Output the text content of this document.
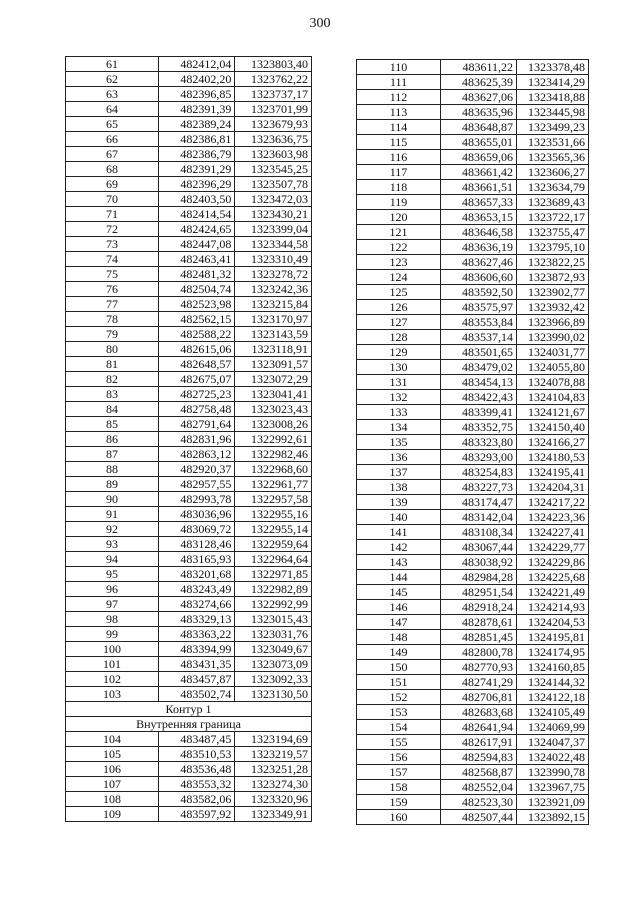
300
61	482412,04	1323803,40
62	482402,20	1323762,22
63	482396,85	1323737,17
64	482391,39	1323701,99
65	482389,24	1323679,93
66	482386,81	1323636,75
67	482386,79	1323603,98
68	482391,29	1323545,25
69	482396,29	1323507,78
70	482403,50	1323472,03
71	482414,54	1323430,21
72	482424,65	1323399,04
73	482447,08	1323344,58
74	482463,41	1323310,49
75	482481,32	1323278,72
76	482504,74	1323242,36
77	482523,98	1323215,84
78	482562,15	1323170,97
79	482588,22	1323143,59
80	482615,06	1323118,91
81	482648,57	1323091,57
82	482675,07	1323072,29
83	482725,23	1323041,41
84	482758,48	1323023,43
85	482791,64	1323008,26
86	482831,96	1322992,61
87	482863,12	1322982,46
88	482920,37	1322968,60
89	482957,55	1322961,77
90	482993,78	1322957,58
91	483036,96	1322955,16
92	483069,72	1322955,14
93	483128,46	1322959,64
94	483165,93	1322964,64
95	483201,68	1322971,85
96	483243,49	1322982,89
97	483274,66	1322992,99
98	483329,13	1323015,43
99	483363,22	1323031,76
100	483394,99	1323049,67
101	483431,35	1323073,09
102	483457,87	1323092,33
103	483502,74	1323130,50
Контур 1		
Внутренняя граница		
104	483487,45	1323194,69
105	483510,53	1323219,57
106	483536,48	1323251,28
107	483553,32	1323274,30
108	483582,06	1323320,96
109	483597,92	1323349,91
110	483611,22	1323378,48
111	483625,39	1323414,29
112	483627,06	1323418,88
113	483635,96	1323445,98
114	483648,87	1323499,23
115	483655,01	1323531,66
116	483659,06	1323565,36
117	483661,42	1323606,27
118	483661,51	1323634,79
119	483657,33	1323689,43
120	483653,15	1323722,17
121	483646,58	1323755,47
122	483636,19	1323795,10
123	483627,46	1323822,25
124	483606,60	1323872,93
125	483592,50	1323902,77
126	483575,97	1323932,42
127	483553,84	1323966,89
128	483537,14	1323990,02
129	483501,65	1324031,77
130	483479,02	1324055,80
131	483454,13	1324078,88
132	483422,43	1324104,83
133	483399,41	1324121,67
134	483352,75	1324150,40
135	483323,80	1324166,27
136	483293,00	1324180,53
137	483254,83	1324195,41
138	483227,73	1324204,31
139	483174,47	1324217,22
140	483142,04	1324223,36
141	483108,34	1324227,41
142	483067,44	1324229,77
143	483038,92	1324229,86
144	482984,28	1324225,68
145	482951,54	1324221,49
146	482918,24	1324214,93
147	482878,61	1324204,53
148	482851,45	1324195,81
149	482800,78	1324174,95
150	482770,93	1324160,85
151	482741,29	1324144,32
152	482706,81	1324122,18
153	482683,68	1324105,49
154	482641,94	1324069,99
155	482617,91	1324047,37
156	482594,83	1324022,48
157	482568,87	1323990,78
158	482552,04	1323967,75
159	482523,30	1323921,09
160	482507,44	1323892,15
